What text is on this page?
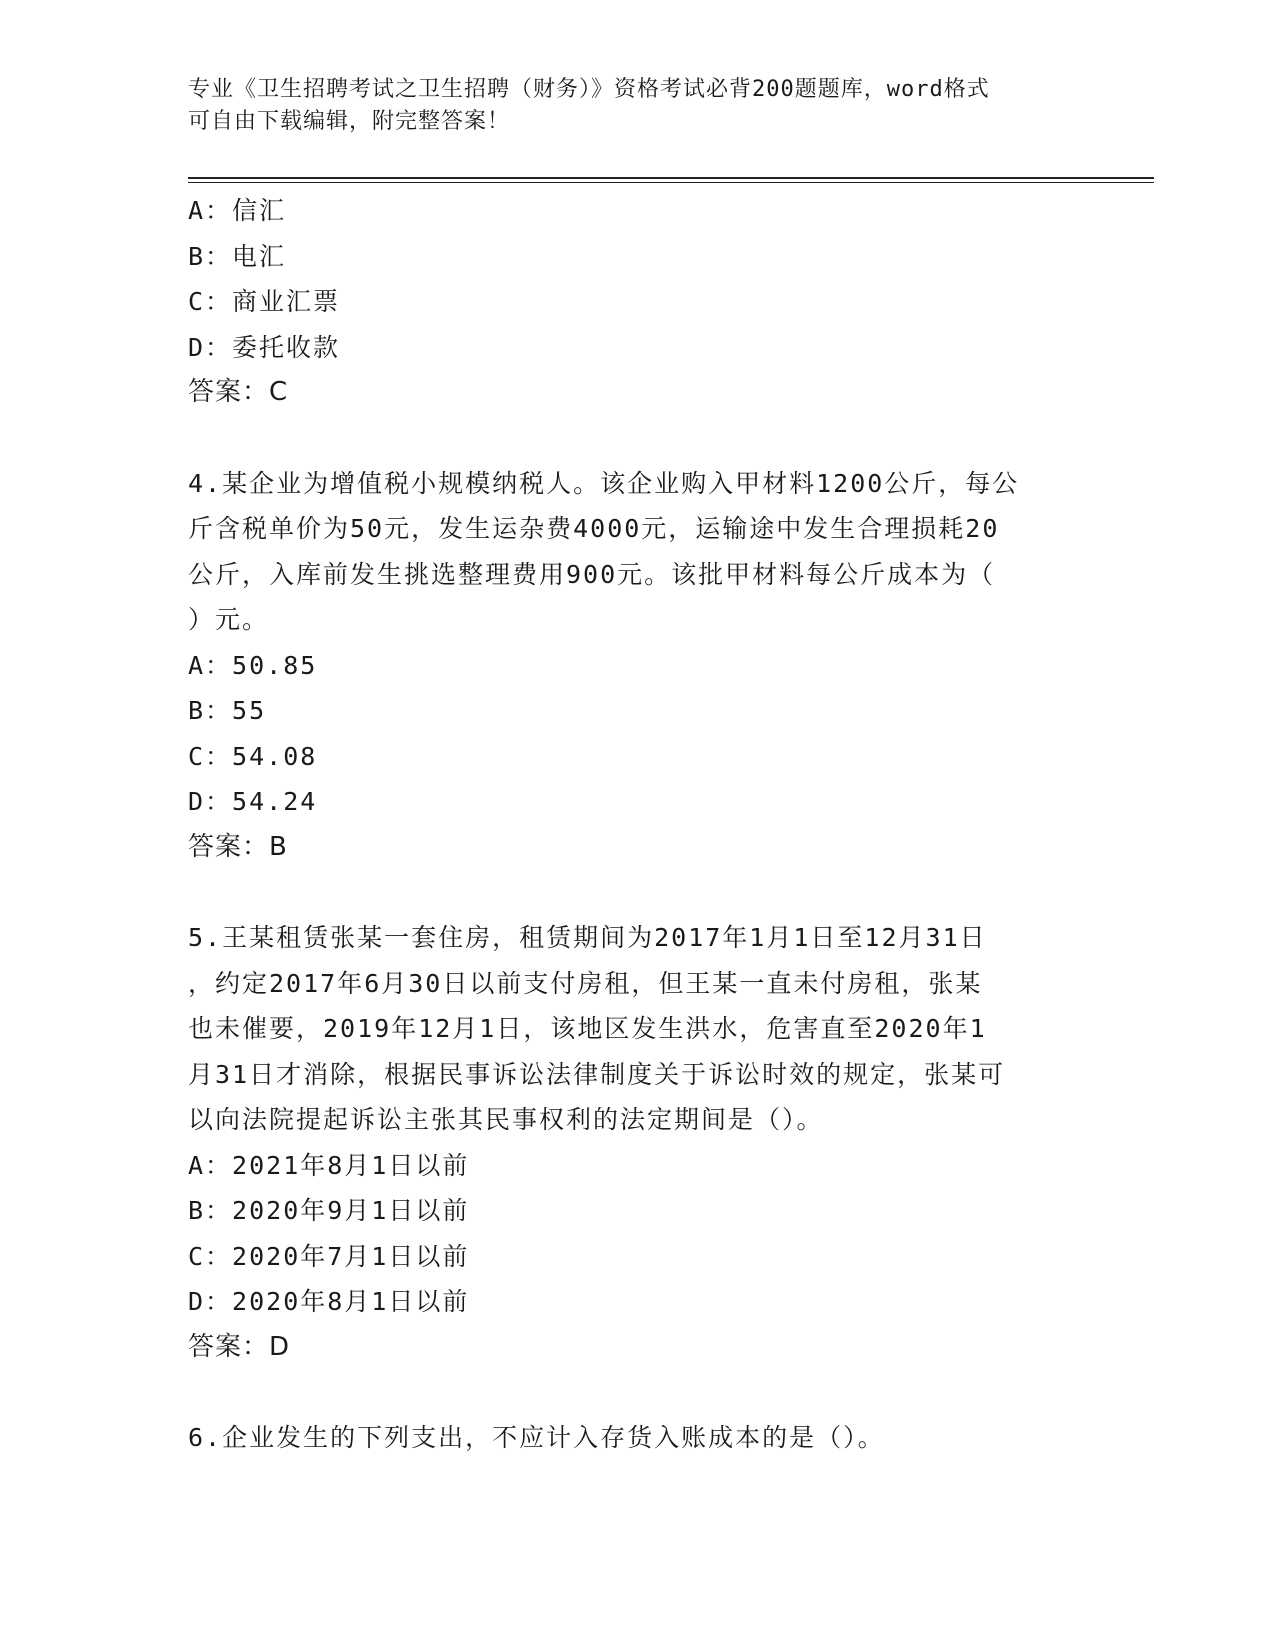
专业《卫生招聘考试之卫生招聘（财务）》资格考试必背200题题库，word格式
可自由下载编辑，附完整答案！
A：信汇
B：电汇
C：商业汇票
D：委托收款
答案：C
4.某企业为增值税小规模纳税人。该企业购入甲材料1200公斤，每公
斤含税单价为50元，发生运杂费4000元，运输途中发生合理损耗20
公斤，入库前发生挑选整理费用900元。该批甲材料每公斤成本为（
）元。
A：50.85
B：55
C：54.08
D：54.24
答案：B
5.王某租赁张某一套住房，租赁期间为2017年1月1日至12月31日
，约定2017年6月30日以前支付房租，但王某一直未付房租，张某
也未催要，2019年12月1日，该地区发生洪水，危害直至2020年1
月31日才消除，根据民事诉讼法律制度关于诉讼时效的规定，张某可
以向法院提起诉讼主张其民事权利的法定期间是（）。
A：2021年8月1日以前
B：2020年9月1日以前
C：2020年7月1日以前
D：2020年8月1日以前
答案：D
6.企业发生的下列支出，不应计入存货入账成本的是（）。
